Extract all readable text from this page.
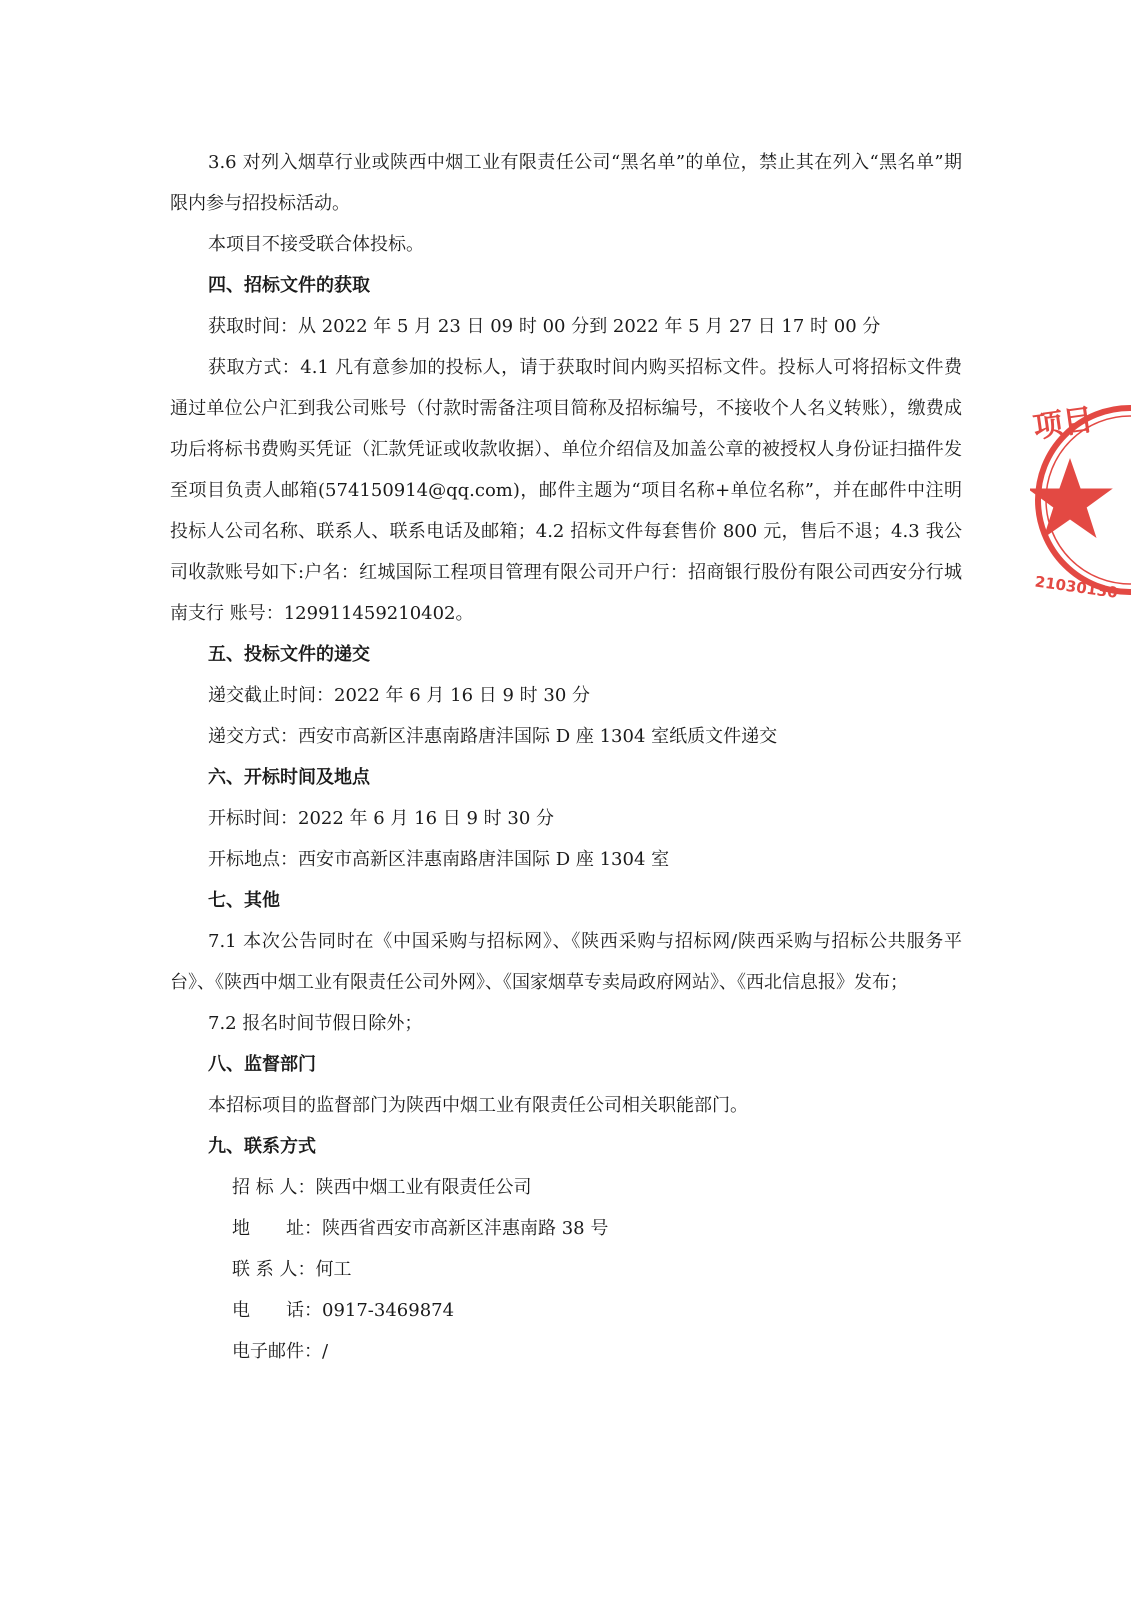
3.6 对列入烟草行业或陕西中烟工业有限责任公司“黑名单”的单位，禁止其在列入“黑名单”期限内参与招投标活动。

本项目不接受联合体投标。

四、招标文件的获取

获取时间：从 2022 年 5 月 23 日 09 时 00 分到 2022 年 5 月 27 日 17 时 00 分

获取方式：4.1 凡有意参加的投标人，请于获取时间内购买招标文件。投标人可将招标文件费通过单位公户汇到我公司账号（付款时需备注项目简称及招标编号，不接收个人名义转账），缴费成功后将标书费购买凭证（汇款凭证或收款收据）、单位介绍信及加盖公章的被授权人身份证扫描件发至项目负责人邮箱(574150914@qq.com)，邮件主题为“项目名称+单位名称”，并在邮件中注明投标人公司名称、联系人、联系电话及邮箱；4.2 招标文件每套售价 800 元，售后不退；4.3 我公司收款账号如下:户名：红城国际工程项目管理有限公司开户行：招商银行股份有限公司西安分行城南支行 账号：129911459210402。

五、投标文件的递交

递交截止时间：2022 年 6 月 16 日 9 时 30 分

递交方式：西安市高新区沣惠南路唐沣国际 D 座 1304 室纸质文件递交

六、开标时间及地点

开标时间：2022 年 6 月 16 日 9 时 30 分

开标地点：西安市高新区沣惠南路唐沣国际 D 座 1304 室

七、其他

7.1 本次公告同时在《中国采购与招标网》、《陕西采购与招标网/陕西采购与招标公共服务平台》、《陕西中烟工业有限责任公司外网》、《国家烟草专卖局政府网站》、《西北信息报》发布；

7.2 报名时间节假日除外；

八、监督部门

本招标项目的监督部门为陕西中烟工业有限责任公司相关职能部门。

九、联系方式

招 标 人：陕西中烟工业有限责任公司

地　　址：陕西省西安市高新区沣惠南路 38 号

联 系 人：何工

电　　话：0917-3469874

电子邮件：/

项目
21030130
